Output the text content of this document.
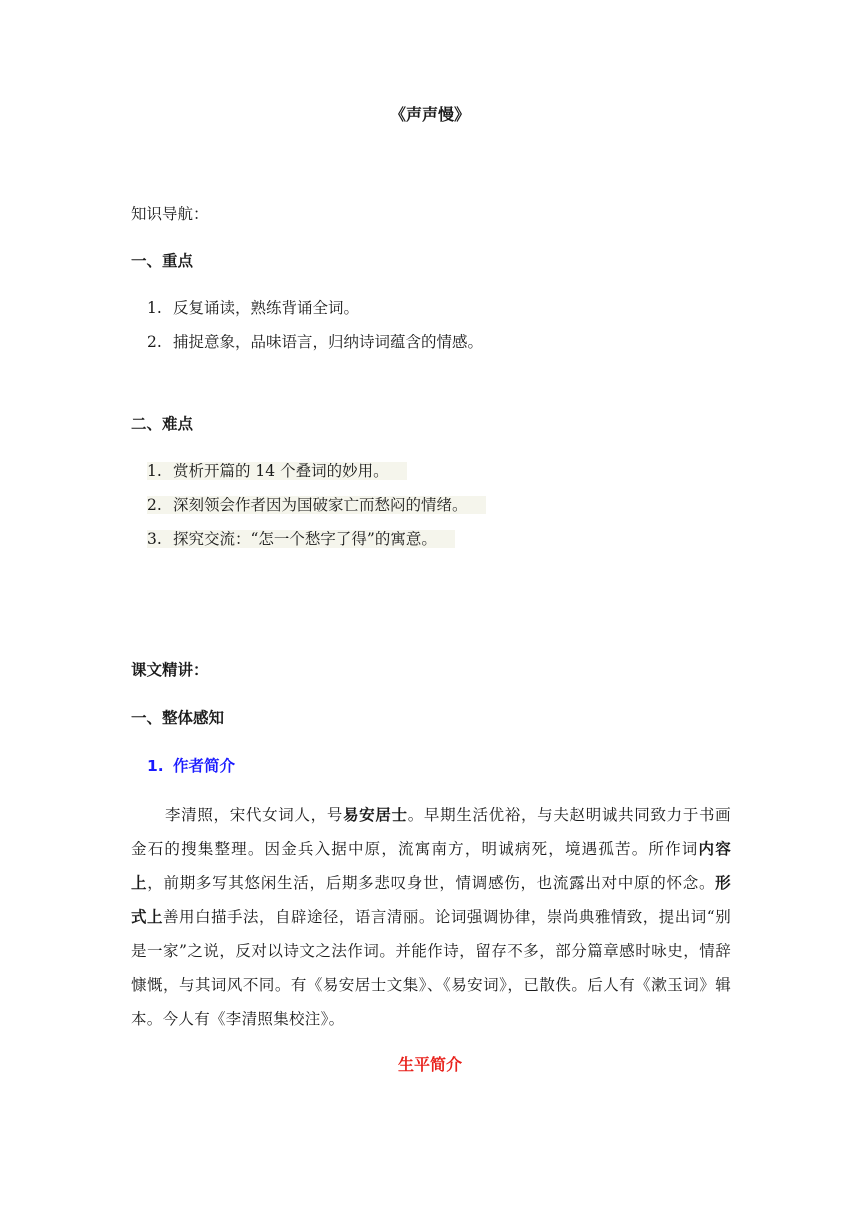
《声声慢》
知识导航：
一、重点
1. 反复诵读，熟练背诵全词。
2. 捕捉意象，品味语言，归纳诗词蕴含的情感。
二、难点
1. 赏析开篇的 14 个叠词的妙用。
2. 深刻领会作者因为国破家亡而愁闷的情绪。
3. 探究交流：“怎一个愁字了得”的寓意。
课文精讲：
一、整体感知
1. 作者简介
李清照，宋代女词人，号易安居士。早期生活优裕，与夫赵明诚共同致力于书画金石的搜集整理。因金兵入据中原，流寓南方，明诚病死，境遇孤苦。所作词内容上，前期多写其悠闲生活，后期多悲叹身世，情调感伤，也流露出对中原的怀念。形式上善用白描手法，自辟途径，语言清丽。论词强调协律，崇尚典雅情致，提出词“别是一家”之说，反对以诗文之法作词。并能作诗，留存不多，部分篇章感时咏史，情辞慷慨，与其词风不同。有《易安居士文集》、《易安词》，已散佚。后人有《漱玉词》辑本。今人有《李清照集校注》。
生平简介
